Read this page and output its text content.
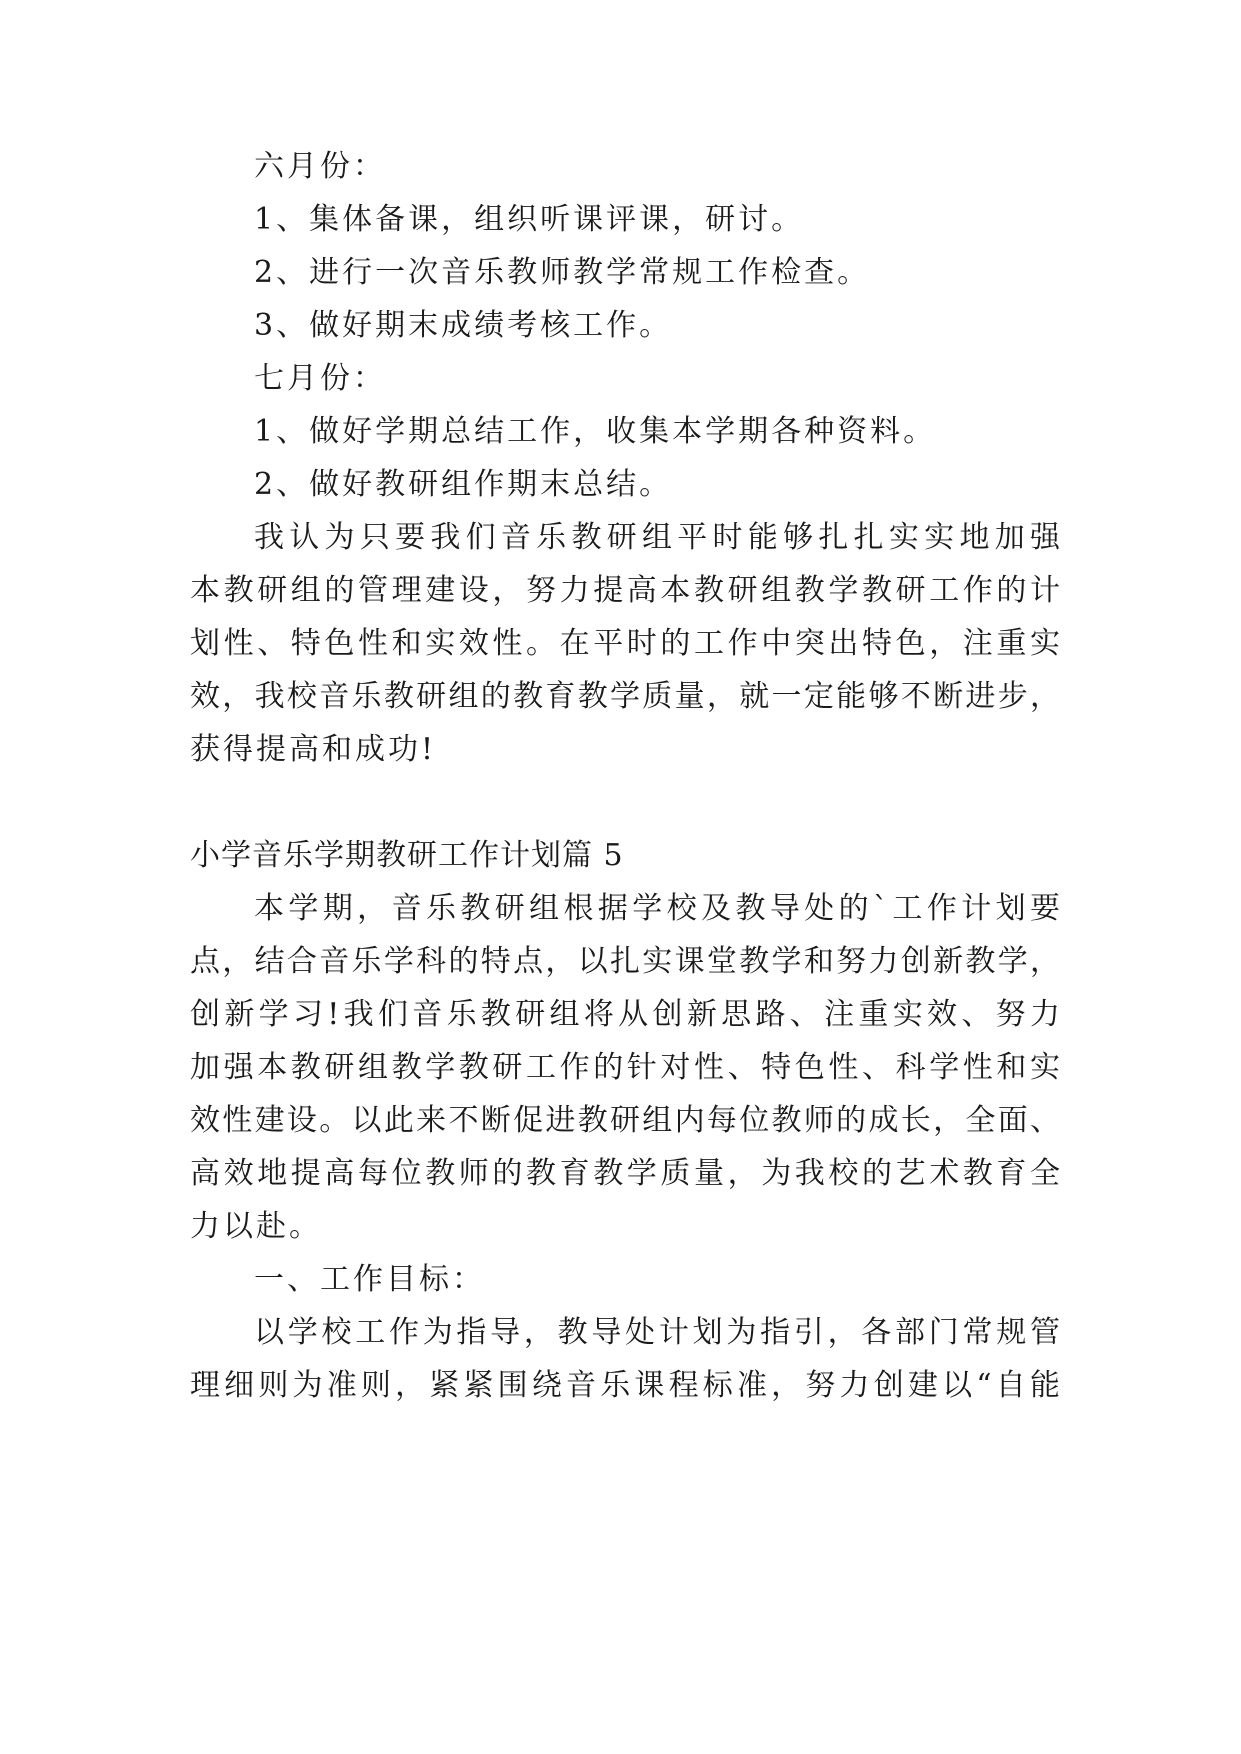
六月份：
1、集体备课，组织听课评课，研讨。
2、进行一次音乐教师教学常规工作检查。
3、做好期末成绩考核工作。
七月份：
1、做好学期总结工作，收集本学期各种资料。
2、做好教研组作期末总结。
我认为只要我们音乐教研组平时能够扎扎实实地加强
本教研组的管理建设，努力提高本教研组教学教研工作的计
划性、特色性和实效性。在平时的工作中突出特色，注重实
效，我校音乐教研组的教育教学质量，就一定能够不断进步，
获得提高和成功!
小学音乐学期教研工作计划篇 5
本学期，音乐教研组根据学校及教导处的`工作计划要
点，结合音乐学科的特点，以扎实课堂教学和努力创新教学，
创新学习!我们音乐教研组将从创新思路、注重实效、努力
加强本教研组教学教研工作的针对性、特色性、科学性和实
效性建设。以此来不断促进教研组内每位教师的成长，全面、
高效地提高每位教师的教育教学质量，为我校的艺术教育全
力以赴。
一、工作目标：
以学校工作为指导，教导处计划为指引，各部门常规管
理细则为准则，紧紧围绕音乐课程标准，努力创建以“自能
